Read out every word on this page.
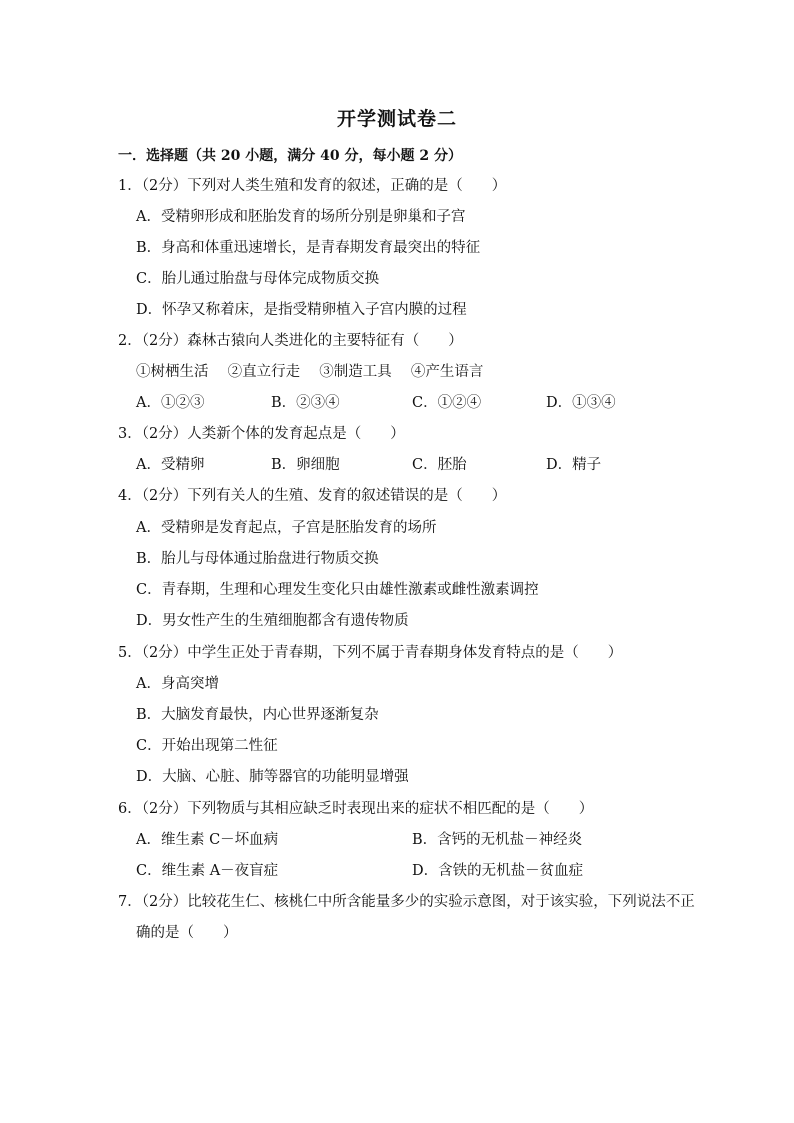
开学测试卷二
一．选择题（共 20 小题，满分 40 分，每小题 2 分）
1．（2分）下列对人类生殖和发育的叙述，正确的是（　　）
A．受精卵形成和胚胎发育的场所分别是卵巢和子宫
B．身高和体重迅速增长，是青春期发育最突出的特征
C．胎儿通过胎盘与母体完成物质交换
D．怀孕又称着床，是指受精卵植入子宫内膜的过程
2．（2分）森林古猿向人类进化的主要特征有（　　）
①树栖生活　 ②直立行走　 ③制造工具　 ④产生语言
A．①②③	B．②③④	C．①②④	D．①③④
3．（2分）人类新个体的发育起点是（　　）
A．受精卵	B．卵细胞	C．胚胎	D．精子
4．（2分）下列有关人的生殖、发育的叙述错误的是（　　）
A．受精卵是发育起点，子宫是胚胎发育的场所
B．胎儿与母体通过胎盘进行物质交换
C．青春期，生理和心理发生变化只由雄性激素或雌性激素调控
D．男女性产生的生殖细胞都含有遗传物质
5．（2分）中学生正处于青春期，下列不属于青春期身体发育特点的是（　　）
A．身高突增
B．大脑发育最快，内心世界逐渐复杂
C．开始出现第二性征
D．大脑、心脏、肺等器官的功能明显增强
6．（2分）下列物质与其相应缺乏时表现出来的症状不相匹配的是（　　）
A．维生素 C－坏血病	B．含钙的无机盐－神经炎
C．维生素 A－夜盲症	D．含铁的无机盐－贫血症
7．（2分）比较花生仁、核桃仁中所含能量多少的实验示意图，对于该实验，下列说法不正
确的是（　　）
